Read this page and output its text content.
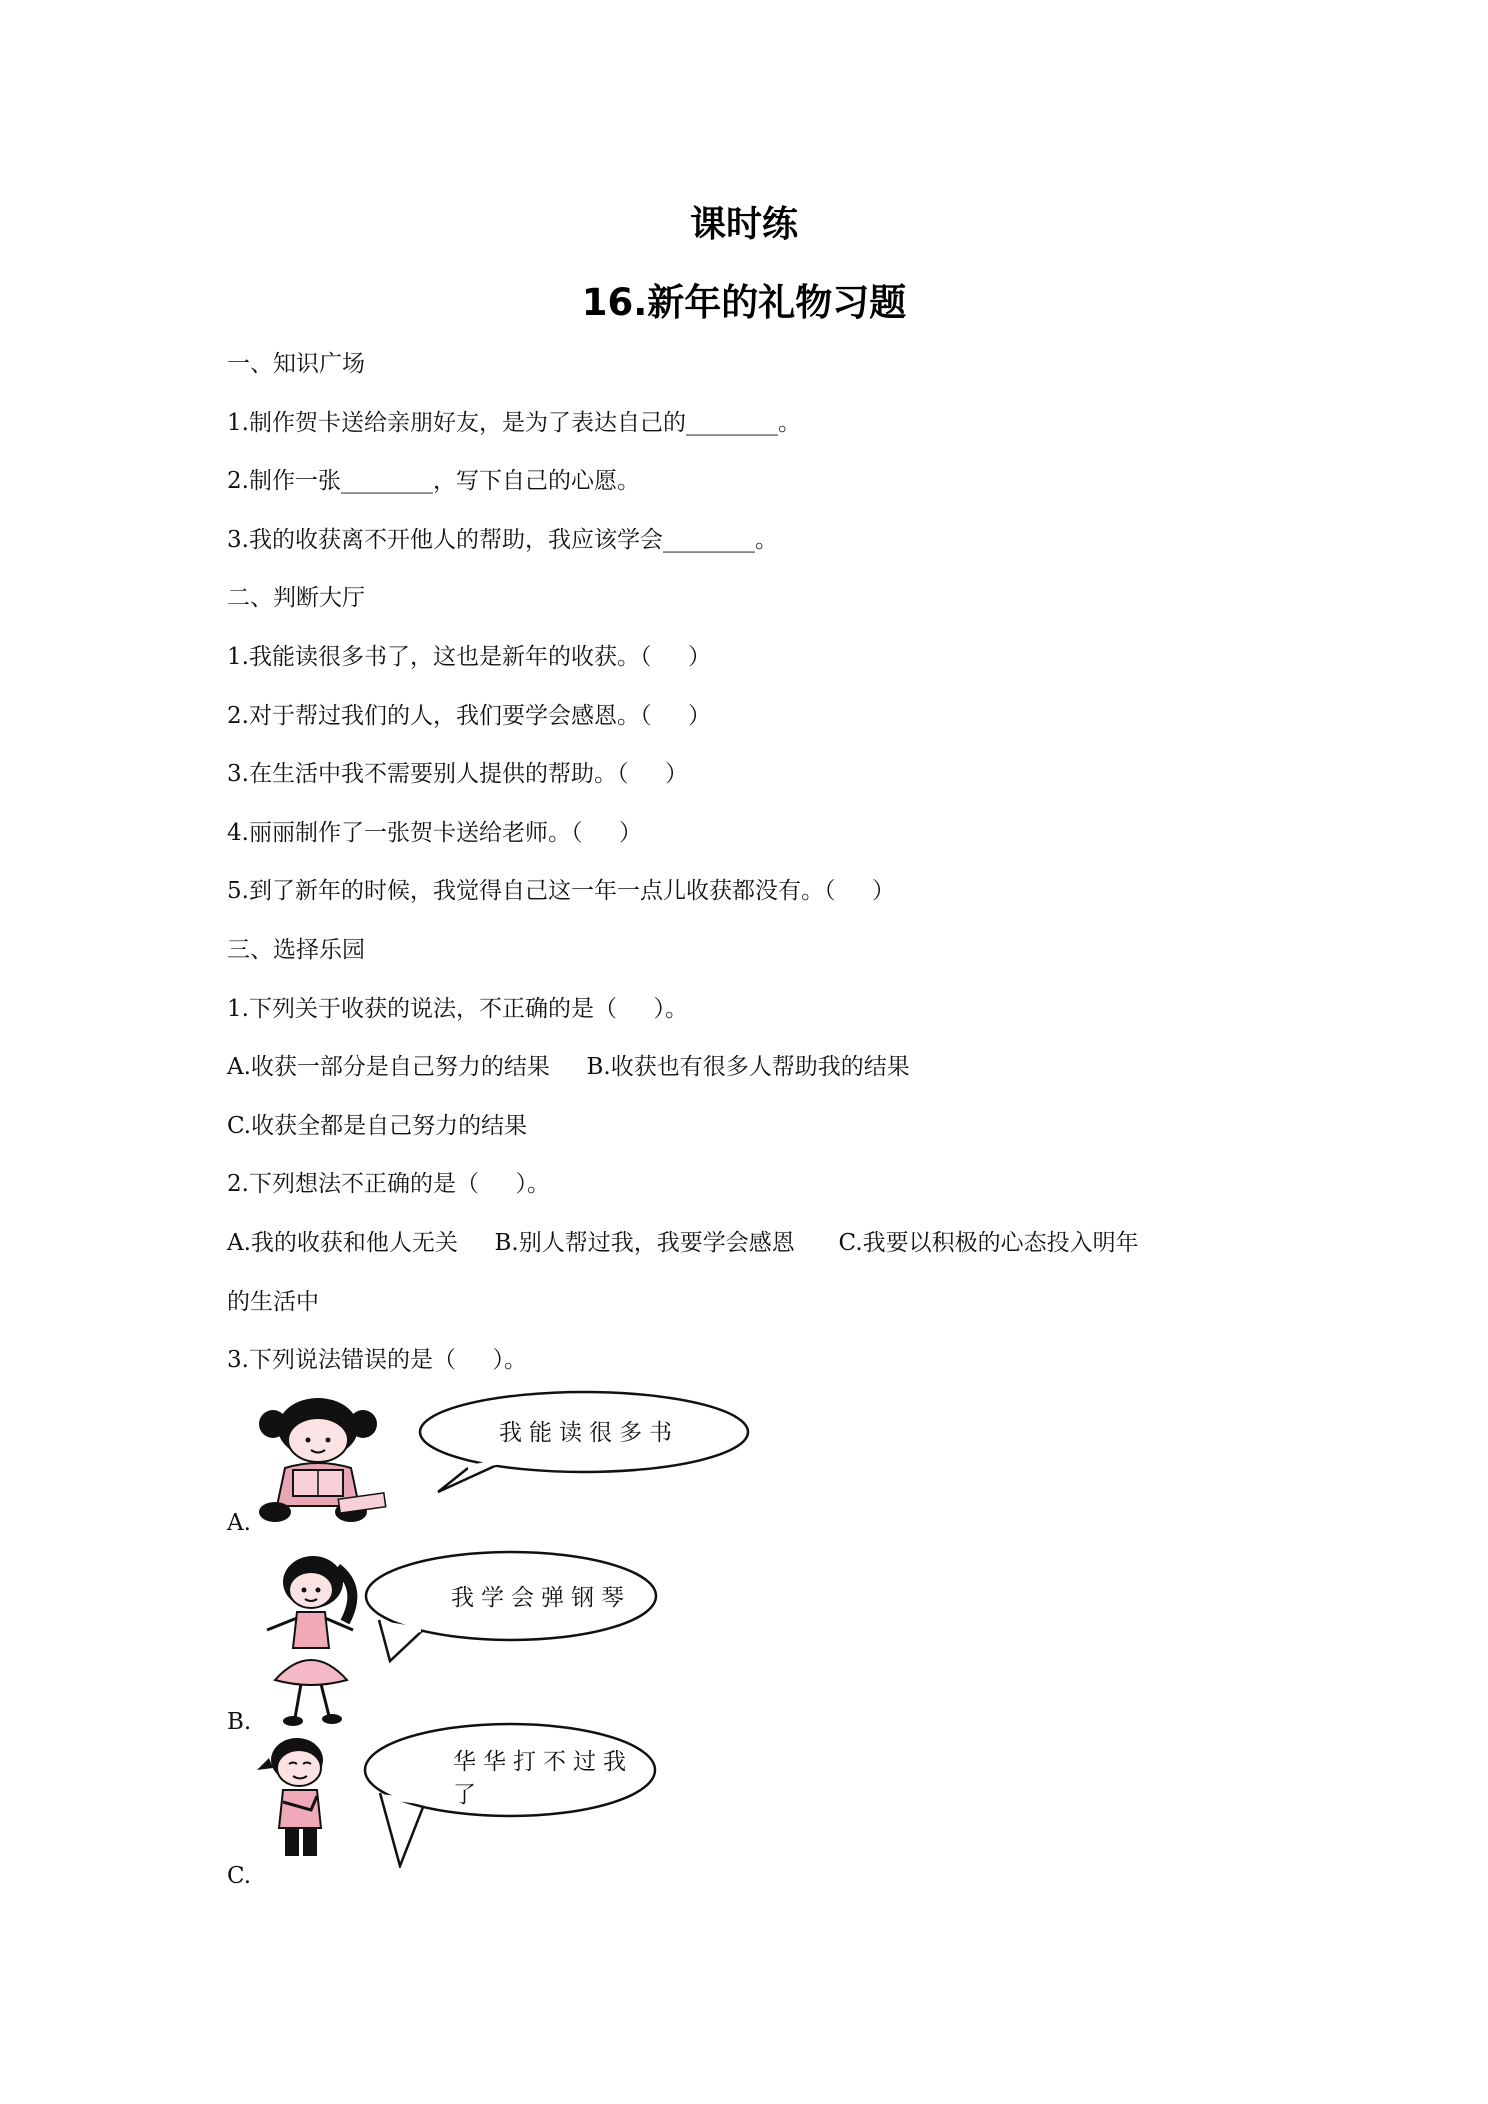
课时练
16.新年的礼物习题
一、知识广场
1.制作贺卡送给亲朋好友，是为了表达自己的________。
2.制作一张________，写下自己的心愿。
3.我的收获离不开他人的帮助，我应该学会________。
二、判断大厅
1.我能读很多书了，这也是新年的收获。（     ）
2.对于帮过我们的人，我们要学会感恩。（     ）
3.在生活中我不需要别人提供的帮助。（     ）
4.丽丽制作了一张贺卡送给老师。（     ）
5.到了新年的时候，我觉得自己这一年一点儿收获都没有。（     ）
三、选择乐园
1.下列关于收获的说法，不正确的是（     ）。
A.收获一部分是自己努力的结果     B.收获也有很多人帮助我的结果
C.收获全都是自己努力的结果
2.下列想法不正确的是（     ）。
A.我的收获和他人无关     B.别人帮过我，我要学会感恩      C.我要以积极的心态投入明年
的生活中
3.下列说法错误的是（     ）。
A.
我能读很多书
B.
我学会弹钢琴
C.
华华打不过我
了
